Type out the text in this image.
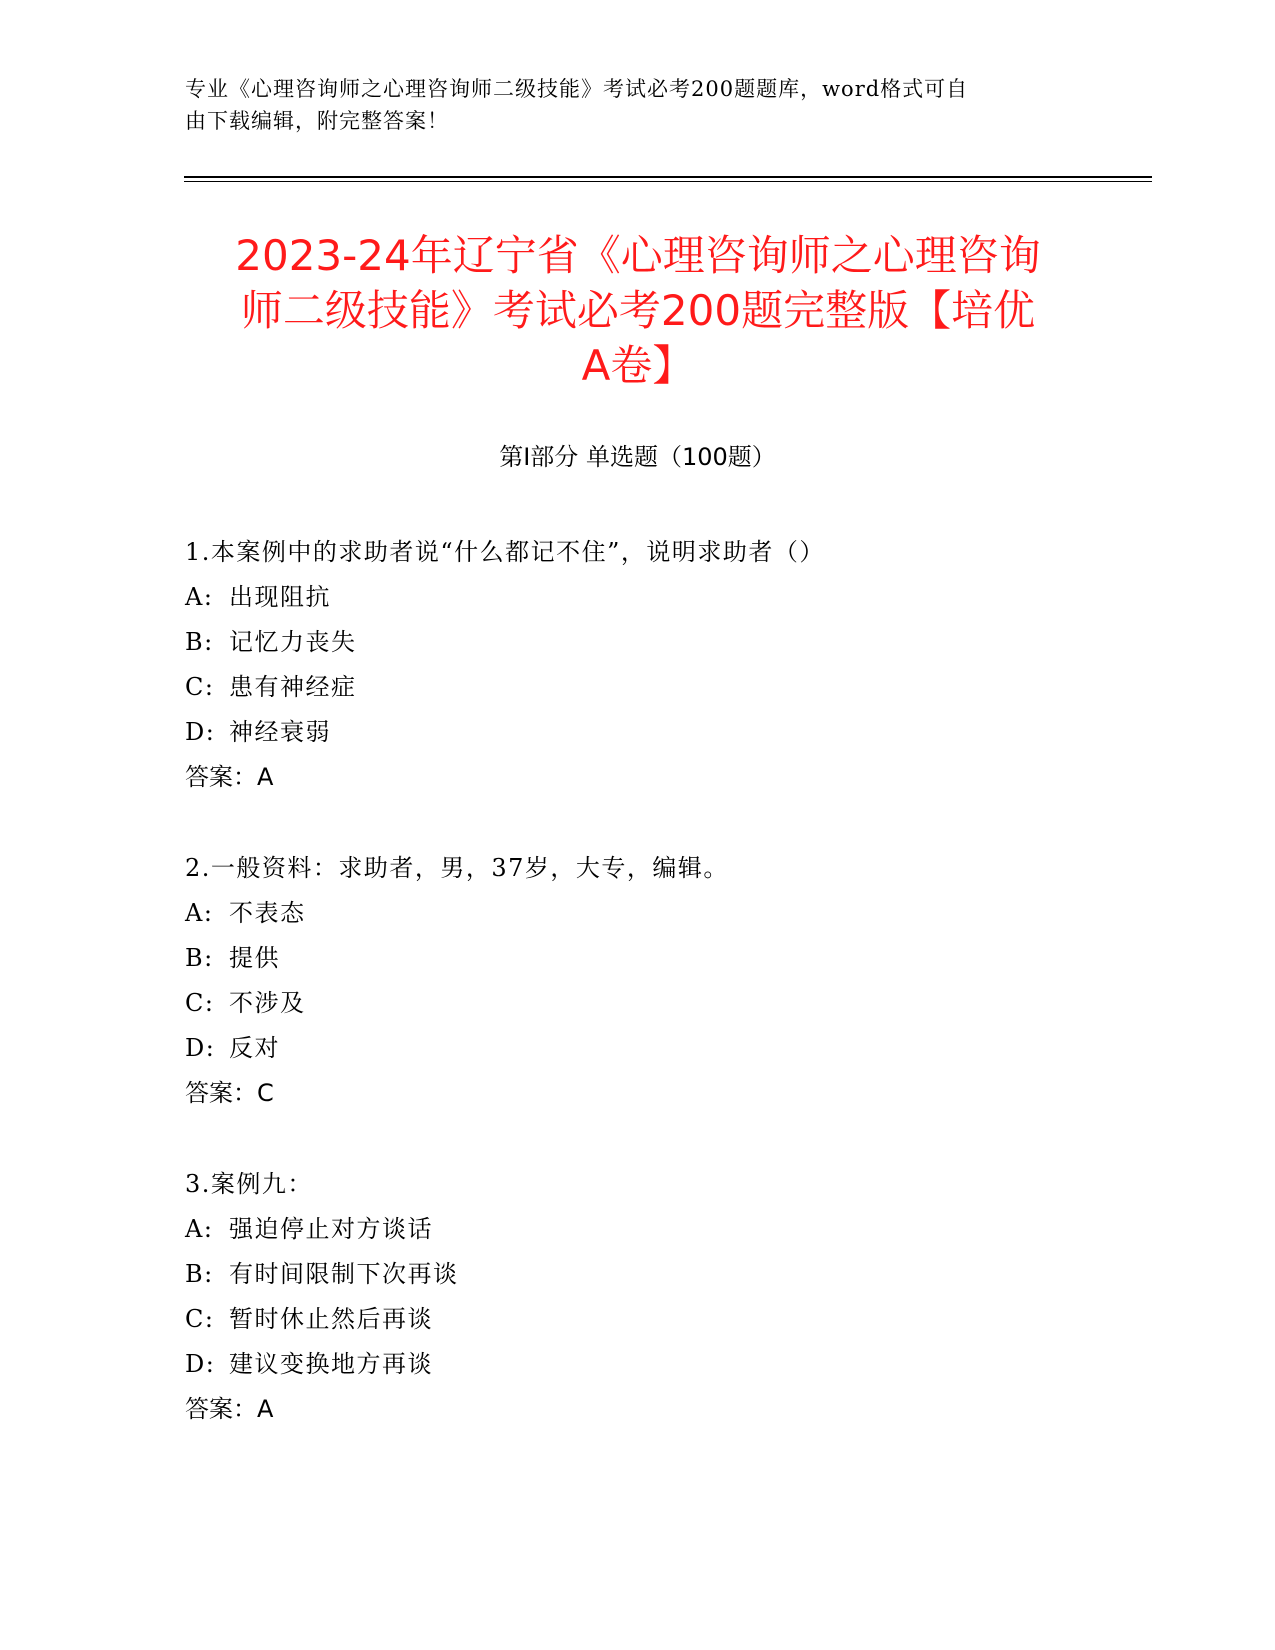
专业《心理咨询师之心理咨询师二级技能》考试必考200题题库，word格式可自
由下载编辑，附完整答案！
2023-24年辽宁省《心理咨询师之心理咨询
师二级技能》考试必考200题完整版【培优
A卷】
第I部分 单选题（100题）
1.本案例中的求助者说“什么都记不住”，说明求助者（）
A: 出现阻抗
B: 记忆力丧失
C: 患有神经症
D: 神经衰弱
答案：A
2.一般资料：求助者，男，37岁，大专，编辑。
A: 不表态
B: 提供
C: 不涉及
D: 反对
答案：C
3.案例九：
A: 强迫停止对方谈话
B: 有时间限制下次再谈
C: 暂时休止然后再谈
D: 建议变换地方再谈
答案：A
